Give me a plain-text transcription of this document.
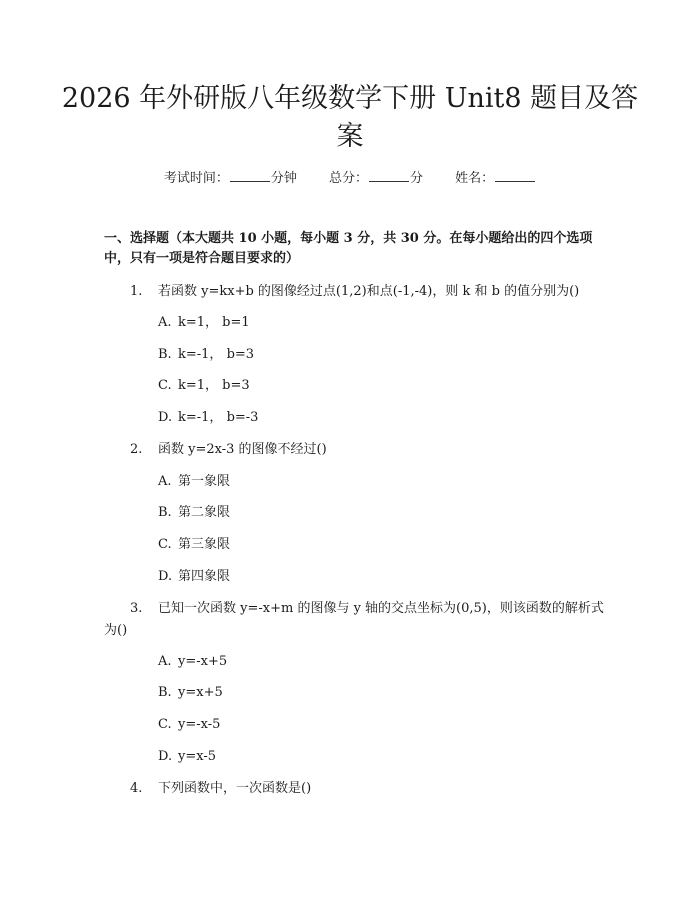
2026 年外研版八年级数学下册 Unit8 题目及答案
考试时间：	分钟 总分：	分 姓名：

一、选择题（本大题共 10 小题，每小题 3 分，共 30 分。在每小题给出的四个选项中，只有一项是符合题目要求的）

1. 若函数 y=kx+b 的图像经过点(1,2)和点(-1,-4)，则 k 和 b 的值分别为()
A. k=1， b=1
B. k=-1， b=3
C. k=1， b=3
D. k=-1， b=-3
2. 函数 y=2x-3 的图像不经过()
A. 第一象限
B. 第二象限
C. 第三象限
D. 第四象限
3. 已知一次函数 y=-x+m 的图像与 y 轴的交点坐标为(0,5)，则该函数的解析式为()
A. y=-x+5
B. y=x+5
C. y=-x-5
D. y=x-5
4. 下列函数中，一次函数是()
